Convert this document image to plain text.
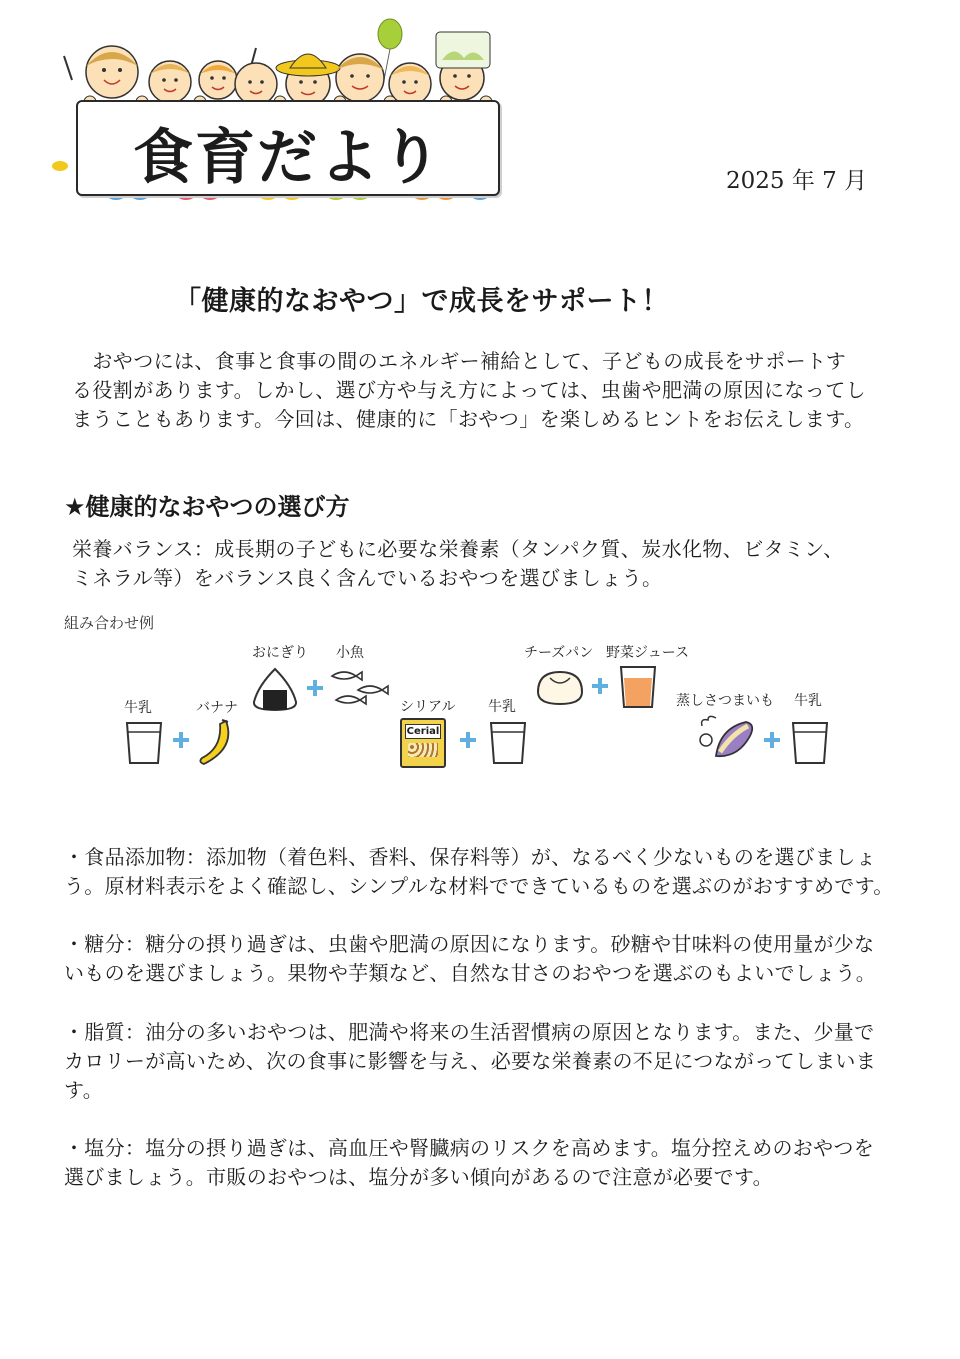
食育だより	2025 年 7 月
「健康的なおやつ」で成長をサポート！

　おやつには、食事と食事の間のエネルギー補給として、子どもの成長をサポートす

る役割があります。しかし、選び方や与え方によっては、虫歯や肥満の原因になってし

まうこともあります。今回は、健康的に「おやつ」を楽しめるヒントをお伝えします。

★健康的なおやつの選び方
栄養バランス：成長期の子どもに必要な栄養素（タンパク質、炭水化物、ビタミン、
ミネラル等）をバランス良く含んでいるおやつを選びましょう。
組み合わせ例
牛乳	バナナ
おにぎり 小魚
シリアル 牛乳
Cerial
チーズパン 野菜ジュース
蒸しさつまいも 牛乳

・食品添加物：添加物（着色料、香料、保存料等）が、なるべく少ないものを選びましょ

う。原材料表示をよく確認し、シンプルな材料でできているものを選ぶのがおすすめです。

・糖分：糖分の摂り過ぎは、虫歯や肥満の原因になります。砂糖や甘味料の使用量が少な

いものを選びましょう。果物や芋類など、自然な甘さのおやつを選ぶのもよいでしょう。

・脂質：油分の多いおやつは、肥満や将来の生活習慣病の原因となります。また、少量で

カロリーが高いため、次の食事に影響を与え、必要な栄養素の不足につながってしまいま

す。

・塩分：塩分の摂り過ぎは、高血圧や腎臓病のリスクを高めます。塩分控えめのおやつを

選びましょう。市販のおやつは、塩分が多い傾向があるので注意が必要です。
